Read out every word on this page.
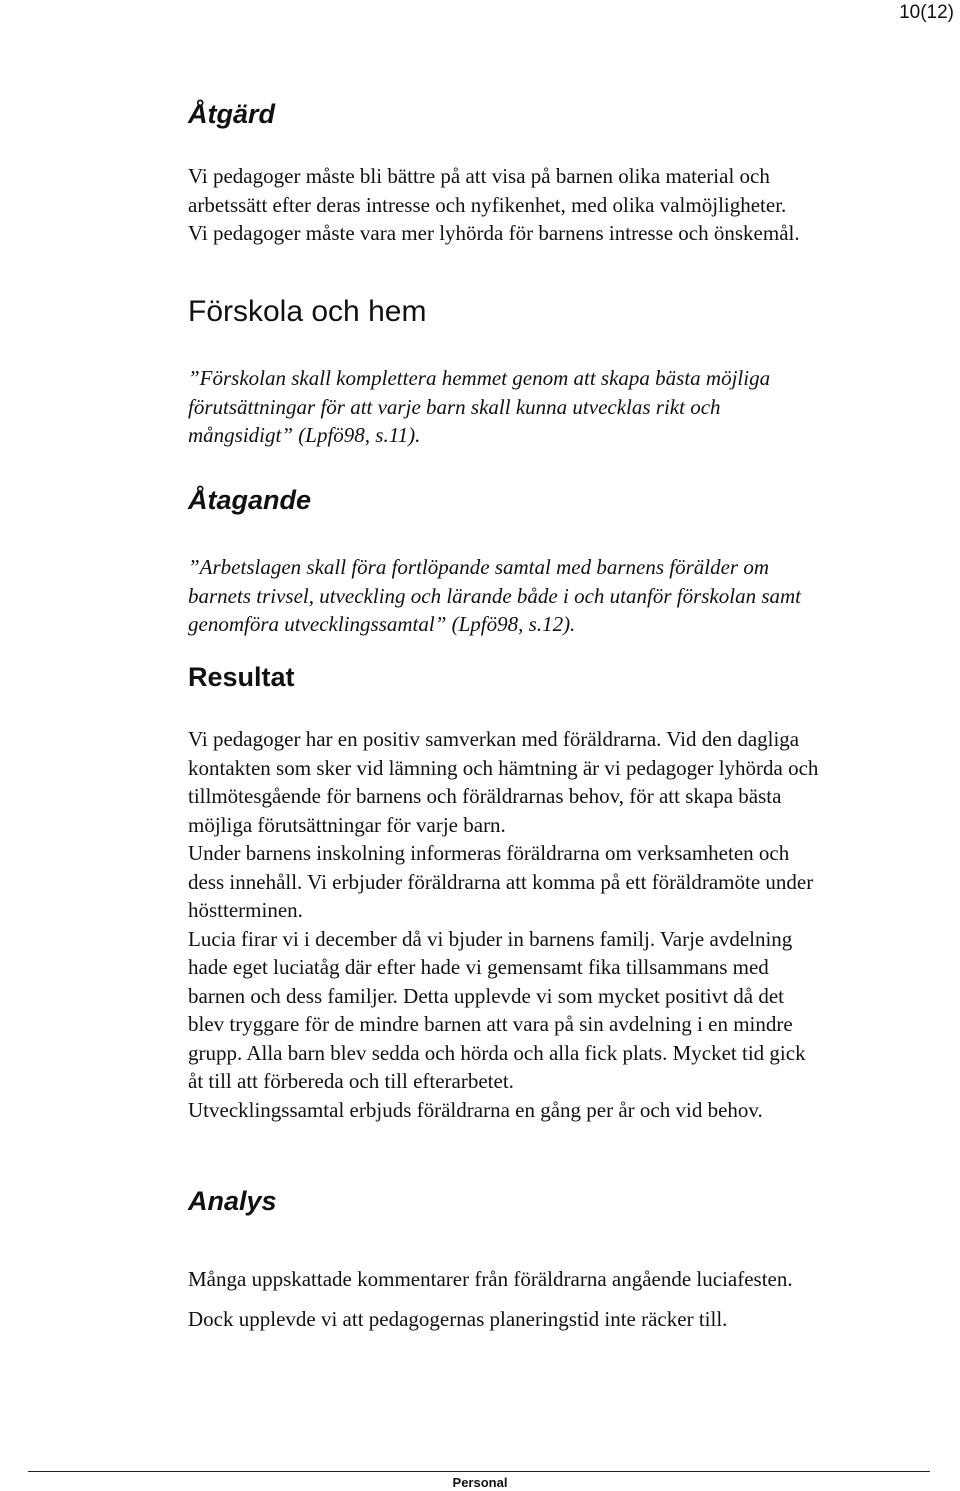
10(12)
Åtgärd
Vi pedagoger måste bli bättre på att visa på barnen olika material och
arbetssätt efter deras intresse och nyfikenhet, med olika valmöjligheter.
Vi pedagoger måste vara mer lyhörda för barnens intresse och önskemål.
Förskola och hem
”Förskolan skall komplettera hemmet genom att skapa bästa möjliga
förutsättningar för att varje barn skall kunna utvecklas rikt och
mångsidigt” (Lpfö98, s.11).
Åtagande
”Arbetslagen skall föra fortlöpande samtal med barnens förälder om
barnets trivsel, utveckling och lärande både i och utanför förskolan samt
genomföra utvecklingssamtal” (Lpfö98, s.12).
Resultat
Vi pedagoger har en positiv samverkan med föräldrarna. Vid den dagliga
kontakten som sker vid lämning och hämtning är vi pedagoger lyhörda och
tillmötesgående för barnens och föräldrarnas behov, för att skapa bästa
möjliga förutsättningar för varje barn.
Under barnens inskolning informeras föräldrarna om verksamheten och
dess innehåll. Vi erbjuder föräldrarna att komma på ett föräldramöte under
höstterminen.
Lucia firar vi i december då vi bjuder in barnens familj. Varje avdelning
hade eget luciatåg där efter hade vi gemensamt fika tillsammans med
barnen och dess familjer. Detta upplevde vi som mycket positivt då det
blev tryggare för de mindre barnen att vara på sin avdelning i en mindre
grupp. Alla barn blev sedda och hörda och alla fick plats. Mycket tid gick
åt till att förbereda och till efterarbetet.
Utvecklingssamtal erbjuds föräldrarna en gång per år och vid behov.
Analys
Många uppskattade kommentarer från föräldrarna angående luciafesten.
Dock upplevde vi att pedagogernas planeringstid inte räcker till.
Personal
